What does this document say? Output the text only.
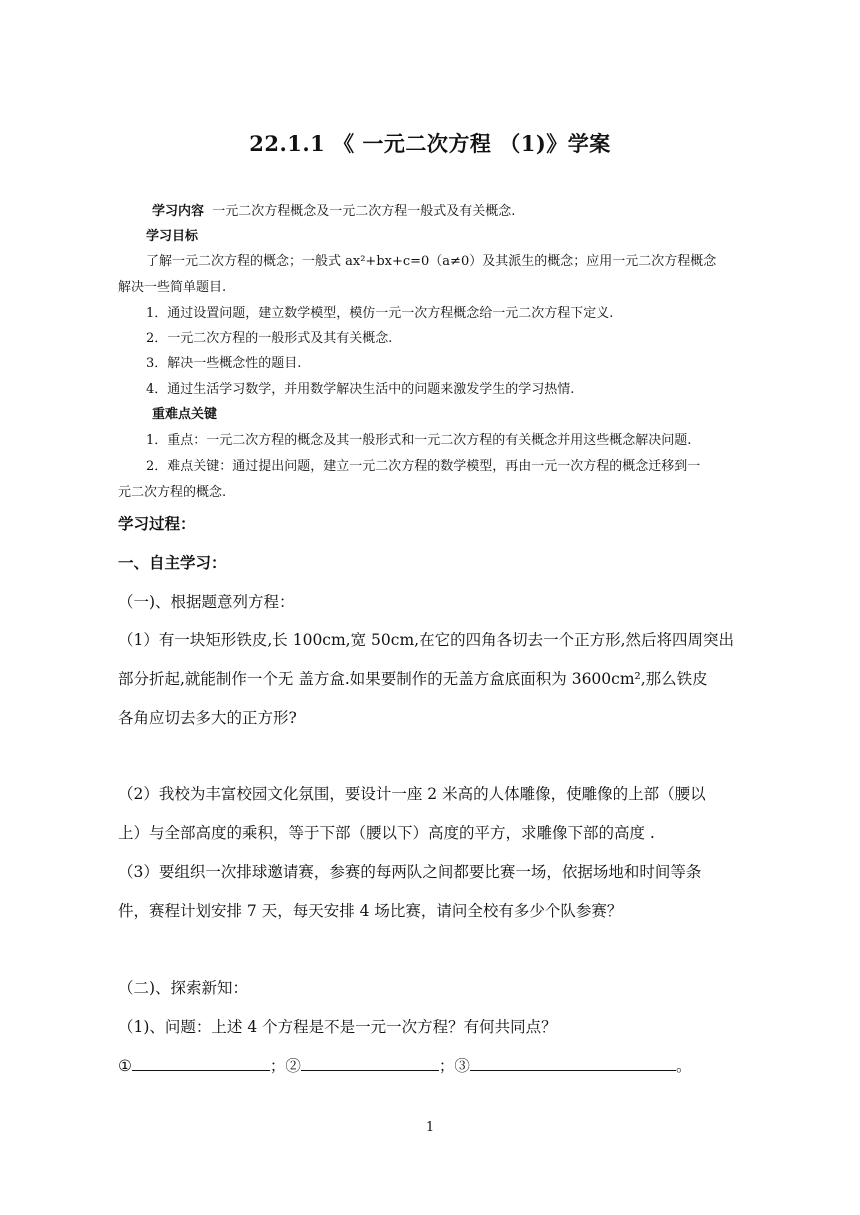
22.1.1 《 一元二次方程 （1)》学案
学习内容 一元二次方程概念及一元二次方程一般式及有关概念.
学习目标
了解一元二次方程的概念；一般式 ax²+bx+c=0（a≠0）及其派生的概念；应用一元二次方程概念
解决一些简单题目.
1．通过设置问题，建立数学模型，模仿一元一次方程概念给一元二次方程下定义.
2．一元二次方程的一般形式及其有关概念.
3．解决一些概念性的题目.
4．通过生活学习数学，并用数学解决生活中的问题来激发学生的学习热情.
重难点关键
1．重点：一元二次方程的概念及其一般形式和一元二次方程的有关概念并用这些概念解决问题.
2．难点关键：通过提出问题，建立一元二次方程的数学模型，再由一元一次方程的概念迁移到一
元二次方程的概念.
学习过程：
一、自主学习：
（一)、根据题意列方程：
（1）有一块矩形铁皮,长 100cm,宽 50cm,在它的四角各切去一个正方形,然后将四周突出
部分折起,就能制作一个无 盖方盒.如果要制作的无盖方盒底面积为 3600cm²,那么铁皮
各角应切去多大的正方形?
（2）我校为丰富校园文化氛围，要设计一座 2 米高的人体雕像，使雕像的上部（腰以
上）与全部高度的乘积，等于下部（腰以下）高度的平方，求雕像下部的高度 .
（3）要组织一次排球邀请赛，参赛的每两队之间都要比赛一场，依据场地和时间等条
件，赛程计划安排 7 天，每天安排 4 场比赛，请问全校有多少个队参赛？
（二)、探索新知：
（1)、问题：上述 4 个方程是不是一元一次方程？有何共同点？
①	；②	；③	。
1
